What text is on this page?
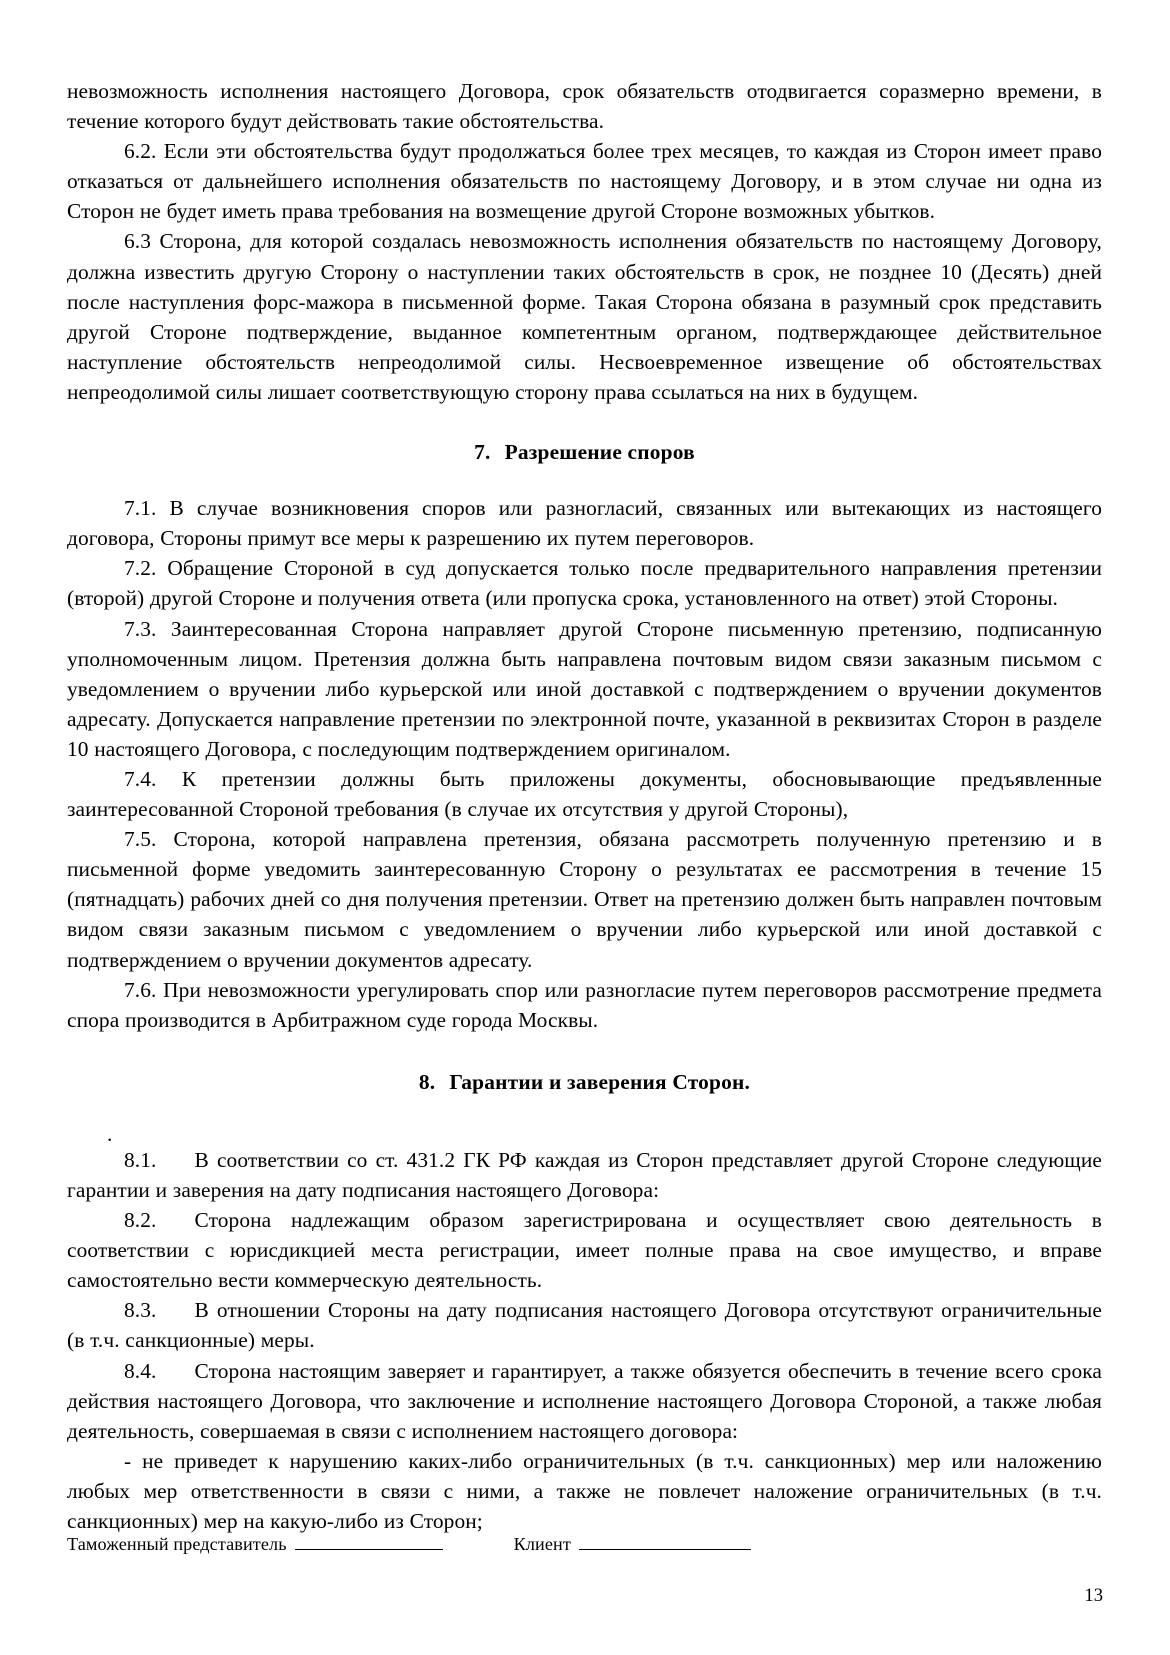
невозможность исполнения настоящего Договора, срок обязательств отодвигается соразмерно времени, в течение которого будут действовать такие обстоятельства.

6.2. Если эти обстоятельства будут продолжаться более трех месяцев, то каждая из Сторон имеет право отказаться от дальнейшего исполнения обязательств по настоящему Договору, и в этом случае ни одна из Сторон не будет иметь права требования на возмещение другой Стороне возможных убытков.

6.3 Сторона, для которой создалась невозможность исполнения обязательств по настоящему Договору, должна известить другую Сторону о наступлении таких обстоятельств в срок, не позднее 10 (Десять) дней после наступления форс-мажора в письменной форме. Такая Сторона обязана в разумный срок представить другой Стороне подтверждение, выданное компетентным органом, подтверждающее действительное наступление обстоятельств непреодолимой силы. Несвоевременное извещение об обстоятельствах непреодолимой силы лишает соответствующую сторону права ссылаться на них в будущем.

7. Разрешение споров

7.1. В случае возникновения споров или разногласий, связанных или вытекающих из настоящего договора, Стороны примут все меры к разрешению их путем переговоров.

7.2. Обращение Стороной в суд допускается только после предварительного направления претензии (второй) другой Стороне и получения ответа (или пропуска срока, установленного на ответ) этой Стороны.

7.3. Заинтересованная Сторона направляет другой Стороне письменную претензию, подписанную уполномоченным лицом. Претензия должна быть направлена почтовым видом связи заказным письмом с уведомлением о вручении либо курьерской или иной доставкой с подтверждением о вручении документов адресату. Допускается направление претензии по электронной почте, указанной в реквизитах Сторон в разделе 10 настоящего Договора, с последующим подтверждением оригиналом.

7.4. К претензии должны быть приложены документы, обосновывающие предъявленные заинтересованной Стороной требования (в случае их отсутствия у другой Стороны),

7.5. Сторона, которой направлена претензия, обязана рассмотреть полученную претензию и в письменной форме уведомить заинтересованную Сторону о результатах ее рассмотрения в течение 15 (пятнадцать) рабочих дней со дня получения претензии. Ответ на претензию должен быть направлен почтовым видом связи заказным письмом с уведомлением о вручении либо курьерской или иной доставкой с подтверждением о вручении документов адресату.

7.6. При невозможности урегулировать спор или разногласие путем переговоров рассмотрение предмета спора производится в Арбитражном суде города Москвы.

8. Гарантии и заверения Сторон.

.

8.1. В соответствии со ст. 431.2 ГК РФ каждая из Сторон представляет другой Стороне следующие гарантии и заверения на дату подписания настоящего Договора:

8.2. Сторона надлежащим образом зарегистрирована и осуществляет свою деятельность в соответствии с юрисдикцией места регистрации, имеет полные права на свое имущество, и вправе самостоятельно вести коммерческую деятельность.

8.3. В отношении Стороны на дату подписания настоящего Договора отсутствуют ограничительные (в т.ч. санкционные) меры.

8.4. Сторона настоящим заверяет и гарантирует, а также обязуется обеспечить в течение всего срока действия настоящего Договора, что заключение и исполнение настоящего Договора Стороной, а также любая деятельность, совершаемая в связи с исполнением настоящего договора:

- не приведет к нарушению каких-либо ограничительных (в т.ч. санкционных) мер или наложению любых мер ответственности в связи с ними, а также не повлечет наложение ограничительных (в т.ч. санкционных) мер на какую-либо из Сторон;

Таможенный представитель	Клиент
13
